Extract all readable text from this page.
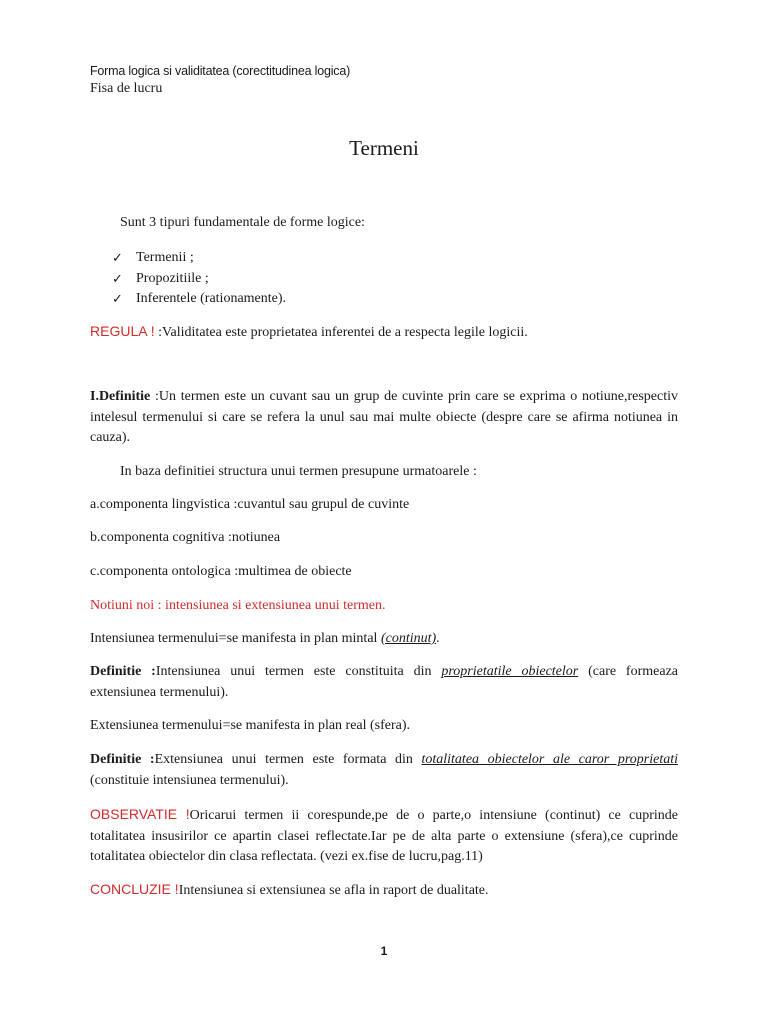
Forma logica si validitatea (corectitudinea logica)
Fisa de lucru
Termeni
Sunt 3 tipuri fundamentale de forme logice:
✓ Termenii ;
✓ Propozitiile ;
✓ Inferentele (rationamente).

REGULA ! :Validitatea este proprietatea inferentei de a respecta legile logicii.

I.Definitie :Un termen este un cuvant sau un grup de cuvinte prin care se exprima o notiune,respectiv intelesul termenului si care se refera la unul sau mai multe obiecte (despre care se afirma notiunea in cauza).

In baza definitiei structura unui termen presupune urmatoarele :

a.componenta lingvistica :cuvantul sau grupul de cuvinte

b.componenta cognitiva :notiunea

c.componenta ontologica :multimea de obiecte

Notiuni noi : intensiunea si extensiunea unui termen.

Intensiunea termenului=se manifesta in plan mintal (continut).

Definitie :Intensiunea unui termen este constituita din proprietatile obiectelor (care formeaza extensiunea termenului).

Extensiunea termenului=se manifesta in plan real (sfera).

Definitie :Extensiunea unui termen este formata din totalitatea obiectelor ale caror proprietati (constituie intensiunea termenului).

OBSERVATIE !Oricarui termen ii corespunde,pe de o parte,o intensiune (continut) ce cuprinde totalitatea insusirilor ce apartin clasei reflectate.Iar pe de alta parte o extensiune (sfera),ce cuprinde totalitatea obiectelor din clasa reflectata. (vezi ex.fise de lucru,pag.11)

CONCLUZIE !Intensiunea si extensiunea se afla in raport de dualitate.

1
